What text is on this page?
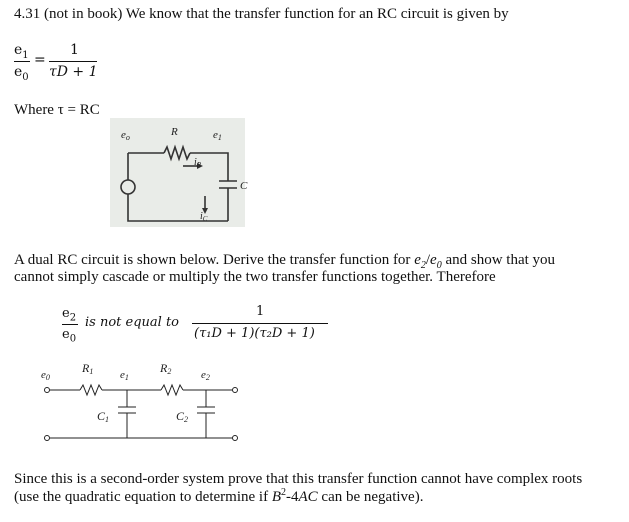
4.31 (not in book) We know that the transfer function for an RC circuit is given by
$e_1$
$e_0$
=
1
τD + 1
Where τ = RC
eo	R	e1
$i_R$
$i_C$
C
A dual RC circuit is shown below. Derive the transfer function for $e_2/e_0$ and show that you
cannot simply cascade or multiply the two transfer functions together. Therefore
$e_2$
$e_0$
is not equal to
1
(τ₁D + 1)(τ₂D + 1)
e0
R1 e1
R2	e2
C1	C2
Since this is a second-order system prove that this transfer function cannot have complex roots
(use the quadratic equation to determine if $B^2-4AC$ can be negative).
